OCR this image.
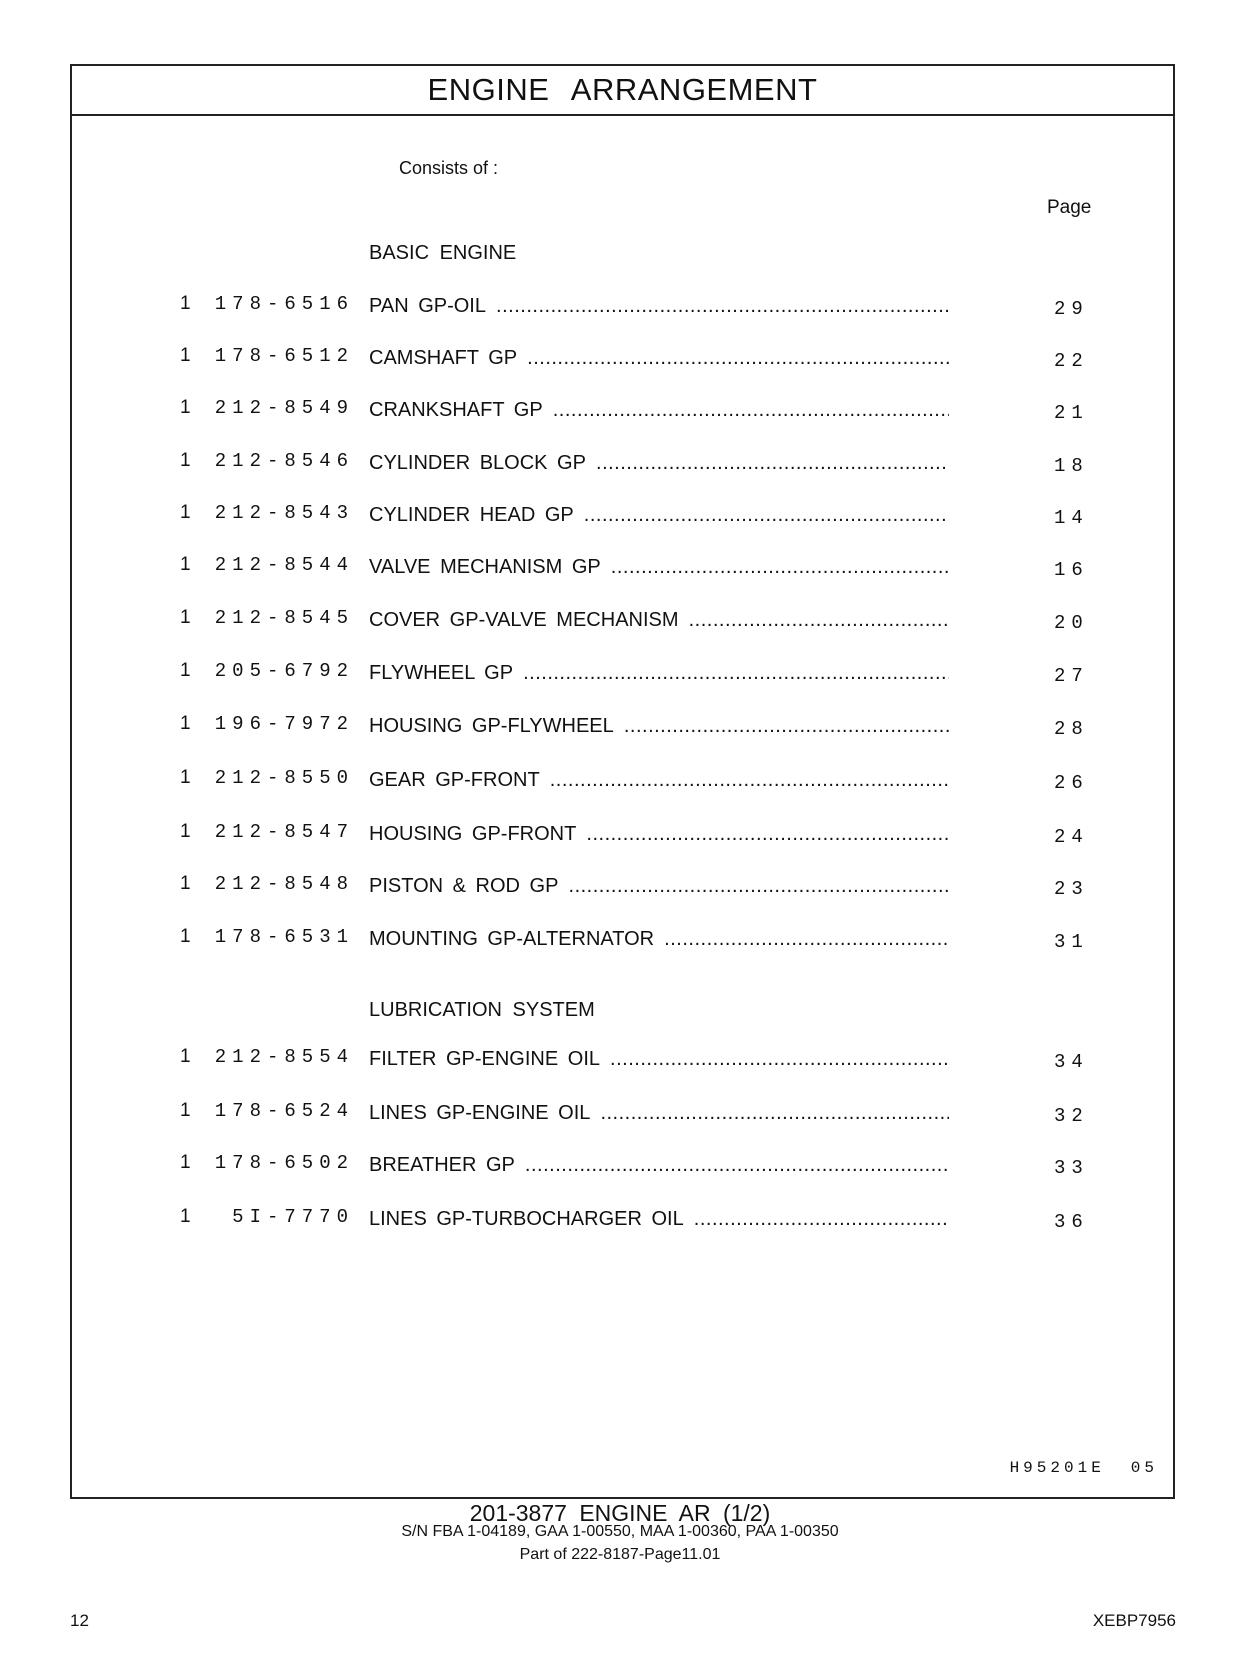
ENGINE ARRANGEMENT
Consists of :
Page
BASIC ENGINE
1 178-6516 PAN GP-OIL .....	29
1 178-6512 CAMSHAFT GP .....	22
1 212-8549 CRANKSHAFT GP .....	21
1 212-8546 CYLINDER BLOCK GP .....	18
1 212-8543 CYLINDER HEAD GP .....	14
1 212-8544 VALVE MECHANISM GP .....	16
1 212-8545 COVER GP-VALVE MECHANISM .....	20
1 205-6792 FLYWHEEL GP .....	27
1 196-7972 HOUSING GP-FLYWHEEL .....	28
1 212-8550 GEAR GP-FRONT .....	26
1 212-8547 HOUSING GP-FRONT .....	24
1 212-8548 PISTON & ROD GP .....	23
1 178-6531 MOUNTING GP-ALTERNATOR .....	31
LUBRICATION SYSTEM
1 212-8554 FILTER GP-ENGINE OIL .....	34
1 178-6524 LINES GP-ENGINE OIL .....	32
1 178-6502 BREATHER GP .....	33
1 5I-7770 LINES GP-TURBOCHARGER OIL .....	36
H95201E 05
201-3877 ENGINE AR (1/2)
S/N FBA 1-04189, GAA 1-00550, MAA 1-00360, PAA 1-00350
Part of 222-8187-Page11.01
12	XEBP7956
